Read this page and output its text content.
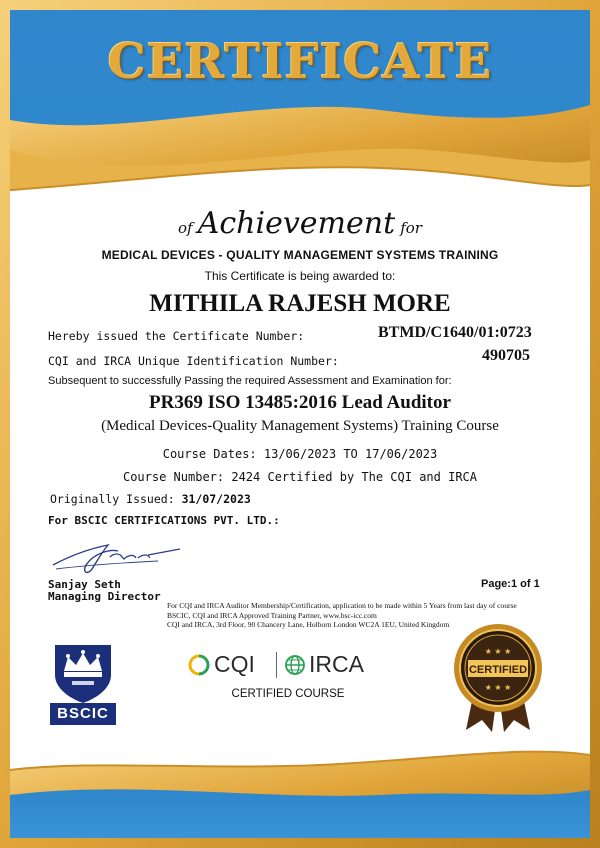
CERTIFICATE
of Achievement for
MEDICAL DEVICES - QUALITY MANAGEMENT SYSTEMS TRAINING
This Certificate is being awarded to:
MITHILA RAJESH MORE
Hereby issued the Certificate Number:	BTMD/C1640/01:0723
CQI and IRCA Unique Identification Number:	490705
Subsequent to successfully Passing the required Assessment and Examination for:
PR369 ISO 13485:2016 Lead Auditor
(Medical Devices-Quality Management Systems) Training Course
Course Dates: 13/06/2023 TO 17/06/2023
Course Number: 2424 Certified by The CQI and IRCA
Originally Issued: 31/07/2023
For BSCIC CERTIFICATIONS PVT. LTD.:
Sanjay Seth
Managing Director
Page:1 of 1
For CQI and IRCA Auditor Membership/Certification, application to be made within 5 Years from last day of course
BSCIC, CQI and IRCA Approved Training Partner, www.bsc-icc.com
CQI and IRCA, 3rd Floor, 90 Chancery Lane, Holborn London WC2A 1EU, United Kingdom
BSCIC
CQI IRCA
CERTIFIED COURSE
CERTIFIED
★ ★ ★
★ ★ ★
